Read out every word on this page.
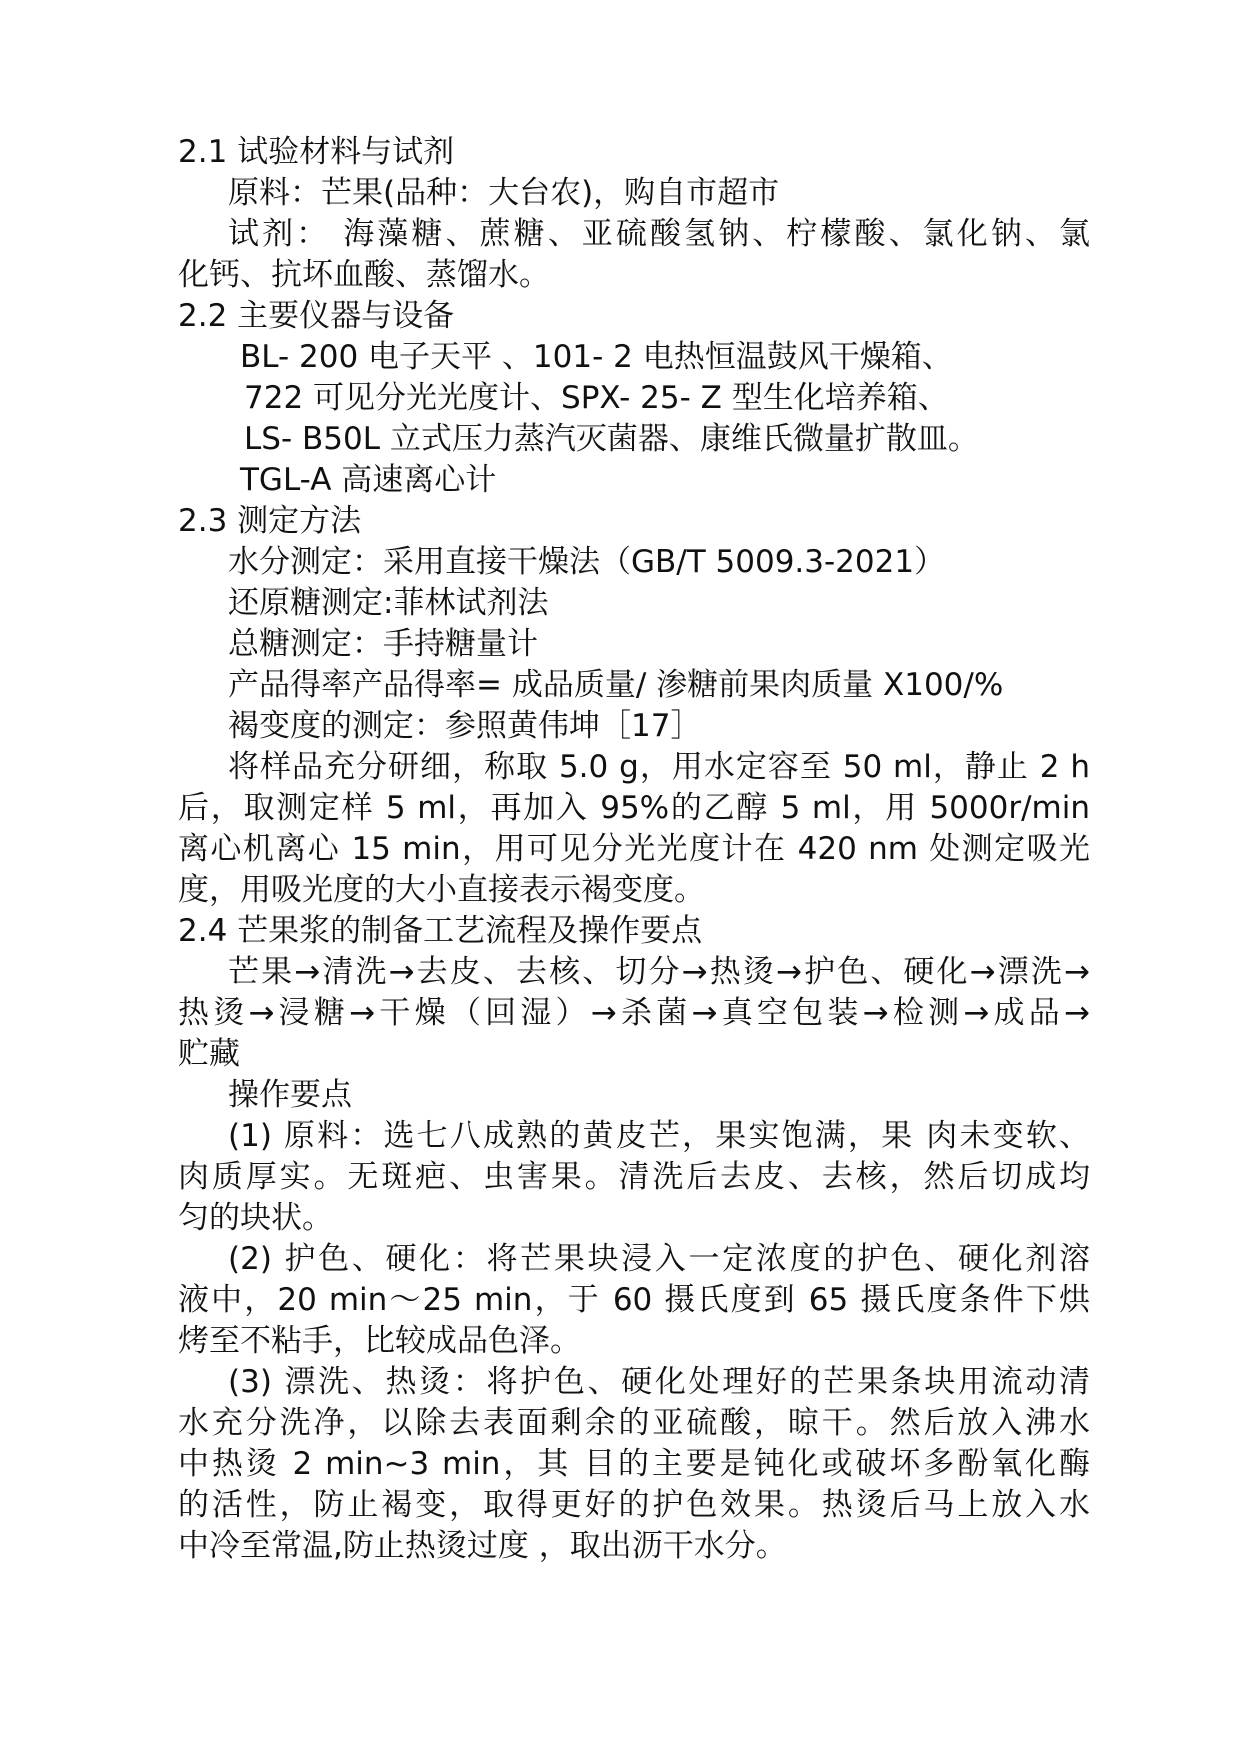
2.1 试验材料与试剂
原料：芒果(品种：大台农)，购自市超市
试剂： 海藻糖、蔗糖、亚硫酸氢钠、柠檬酸、氯化钠、氯
化钙、抗坏血酸、蒸馏水。
2.2 主要仪器与设备
BL- 200 电子天平 、101- 2 电热恒温鼓风干燥箱、
722 可见分光光度计、SPX- 25- Z 型生化培养箱、
LS- B50L 立式压力蒸汽灭菌器、康维氏微量扩散皿。
TGL-A 高速离心计
2.3 测定方法
水分测定：采用直接干燥法（GB/T 5009.3-2021）
还原糖测定:菲林试剂法
总糖测定：手持糖量计
产品得率产品得率= 成品质量/ 渗糖前果肉质量 X100/%
褐变度的测定：参照黄伟坤［17］
将样品充分研细，称取 5.0 g，用水定容至 50 ml，静止 2 h
后，取测定样 5 ml，再加入 95%的乙醇 5 ml，用 5000r/min
离心机离心 15 min，用可见分光光度计在 420 nm 处测定吸光
度，用吸光度的大小直接表示褐变度。
2.4 芒果浆的制备工艺流程及操作要点
芒果→清洗→去皮、去核、切分→热烫→护色、硬化→漂洗→
热烫→浸糖→干燥（回湿）→杀菌→真空包装→检测→成品→
贮藏
操作要点
(1) 原料：选七八成熟的黄皮芒，果实饱满，果 肉未变软、
肉质厚实。无斑疤、虫害果。清洗后去皮、去核，然后切成均
匀的块状。
(2) 护色、硬化：将芒果块浸入一定浓度的护色、硬化剂溶
液中，20 min～25 min，于 60 摄氏度到 65 摄氏度条件下烘
烤至不粘手，比较成品色泽。
(3) 漂洗、热烫：将护色、硬化处理好的芒果条块用流动清
水充分洗净，以除去表面剩余的亚硫酸，晾干。然后放入沸水
中热烫 2 min~3 min，其 目的主要是钝化或破坏多酚氧化酶
的活性，防止褐变，取得更好的护色效果。热烫后马上放入水
中冷至常温,防止热烫过度 ，取出沥干水分。
